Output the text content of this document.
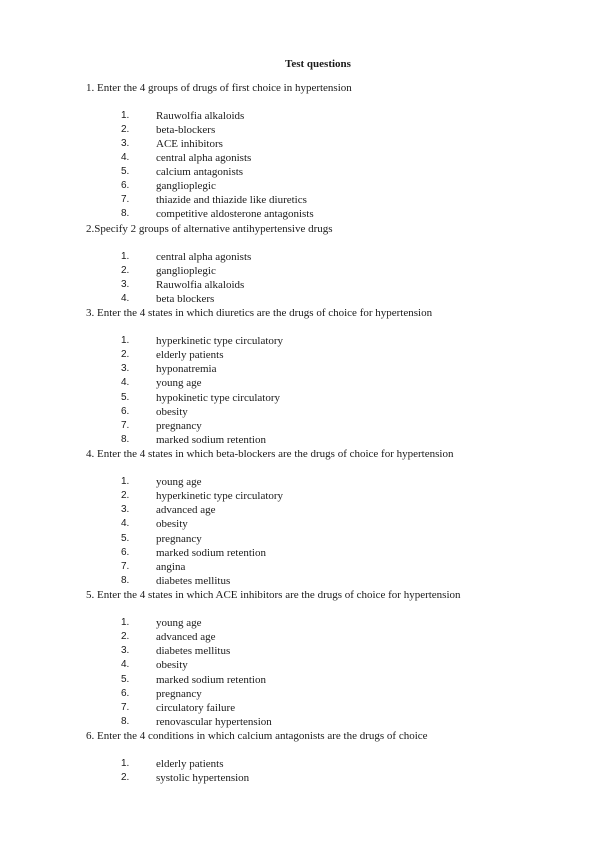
Test questions
1. Enter the 4 groups of drugs of first choice in hypertension
1. Rauwolfia alkaloids
2. beta-blockers
3. ACE inhibitors
4. central alpha agonists
5. calcium antagonists
6. ganglioplegic
7. thiazide and thiazide like diuretics
8. competitive aldosterone antagonists
2.Specify 2 groups of alternative antihypertensive drugs
1. central alpha agonists
2. ganglioplegic
3. Rauwolfia alkaloids
4. beta blockers
3. Enter the 4 states in which diuretics are the drugs of choice for hypertension
1. hyperkinetic type circulatory
2. elderly patients
3. hyponatremia
4. young age
5. hypokinetic type circulatory
6. obesity
7. pregnancy
8. marked sodium retention
4. Enter the 4 states in which beta-blockers are the drugs of choice for hypertension
1. young age
2. hyperkinetic type circulatory
3. advanced age
4. obesity
5. pregnancy
6. marked sodium retention
7. angina
8. diabetes mellitus
5. Enter the 4 states in which ACE inhibitors are the drugs of choice for hypertension
1. young age
2. advanced age
3. diabetes mellitus
4. obesity
5. marked sodium retention
6. pregnancy
7. circulatory failure
8. renovascular hypertension
6. Enter the 4 conditions in which calcium antagonists are the drugs of choice
1. elderly patients
2. systolic hypertension
